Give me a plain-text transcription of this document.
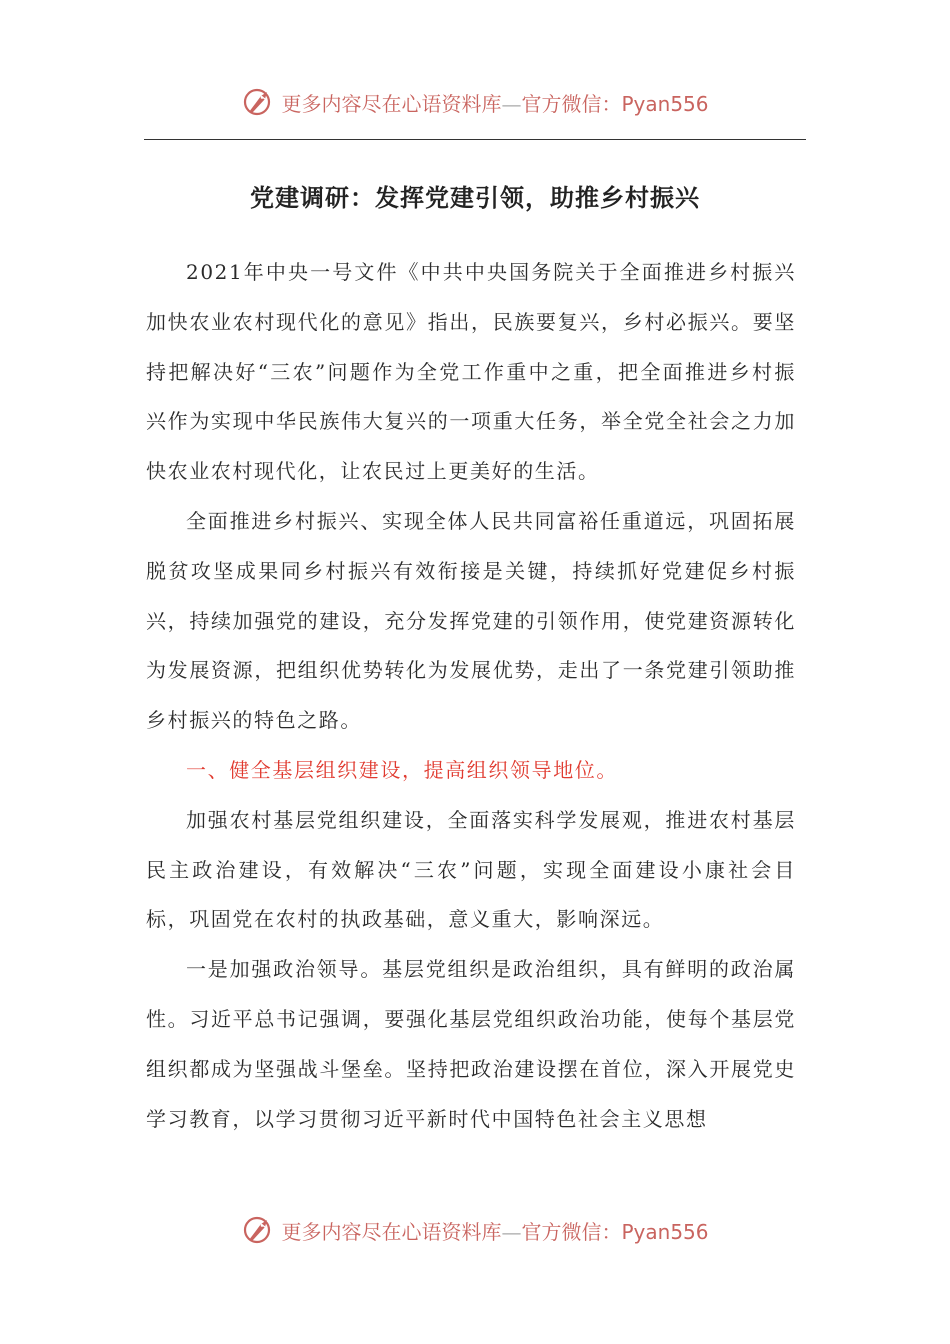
更多内容尽在心语资料库—官方微信：Pyan556
党建调研：发挥党建引领，助推乡村振兴

2021年中央一号文件《中共中央国务院关于全面推进乡村振兴加快农业农村现代化的意见》指出，民族要复兴，乡村必振兴。要坚持把解决好“三农”问题作为全党工作重中之重，把全面推进乡村振兴作为实现中华民族伟大复兴的一项重大任务，举全党全社会之力加快农业农村现代化，让农民过上更美好的生活。

全面推进乡村振兴、实现全体人民共同富裕任重道远，巩固拓展脱贫攻坚成果同乡村振兴有效衔接是关键，持续抓好党建促乡村振兴，持续加强党的建设，充分发挥党建的引领作用，使党建资源转化为发展资源，把组织优势转化为发展优势，走出了一条党建引领助推乡村振兴的特色之路。

一、健全基层组织建设，提高组织领导地位。

加强农村基层党组织建设，全面落实科学发展观，推进农村基层民主政治建设，有效解决“三农”问题，实现全面建设小康社会目标，巩固党在农村的执政基础，意义重大，影响深远。

一是加强政治领导。基层党组织是政治组织，具有鲜明的政治属性。习近平总书记强调，要强化基层党组织政治功能，使每个基层党组织都成为坚强战斗堡垒。坚持把政治建设摆在首位，深入开展党史学习教育，以学习贯彻习近平新时代中国特色社会主义思想

更多内容尽在心语资料库—官方微信：Pyan556
